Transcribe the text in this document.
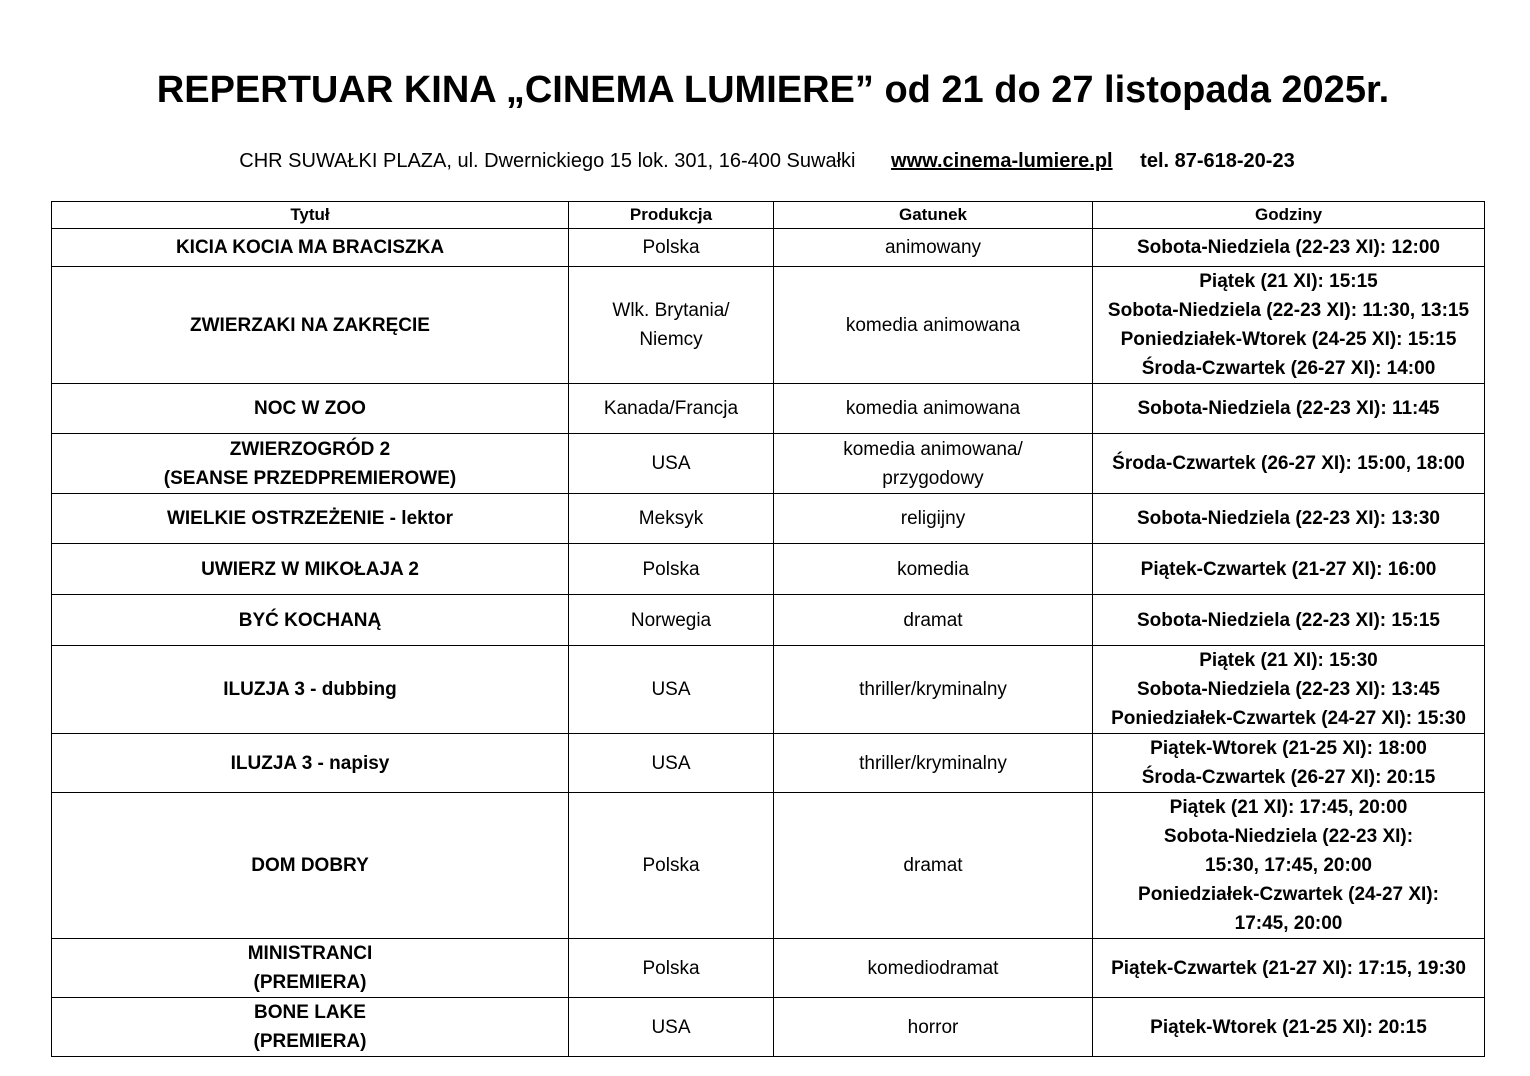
REPERTUAR KINA „CINEMA LUMIERE” od 21 do 27 listopada 2025r.
CHR SUWAŁKI PLAZA, ul. Dwernickiego 15 lok. 301, 16-400 Suwałki www.cinema-lumiere.pl tel. 87-618-20-23
Tytuł	Produkcja	Gatunek	Godziny

KICIA KOCIA MA BRACISZKA	Polska	animowany	Sobota-Niedziela (22-23 XI): 12:00

ZWIERZAKI NA ZAKRĘCIE	Wlk. Brytania/
Niemcy	komedia animowana	Piątek (21 XI): 15:15
Sobota-Niedziela (22-23 XI): 11:30, 13:15
Poniedziałek-Wtorek (24-25 XI): 15:15
Środa-Czwartek (26-27 XI): 14:00

NOC W ZOO	Kanada/Francja	komedia animowana	Sobota-Niedziela (22-23 XI): 11:45

ZWIERZOGRÓD 2
(SEANSE PRZEDPREMIEROWE)	USA	komedia animowana/
przygodowy	Środa-Czwartek (26-27 XI): 15:00, 18:00

WIELKIE OSTRZEŻENIE - lektor	Meksyk	religijny	Sobota-Niedziela (22-23 XI): 13:30

UWIERZ W MIKOŁAJA 2	Polska	komedia	Piątek-Czwartek (21-27 XI): 16:00

BYĆ KOCHANĄ	Norwegia	dramat	Sobota-Niedziela (22-23 XI): 15:15

ILUZJA 3 - dubbing	USA	thriller/kryminalny	Piątek (21 XI): 15:30
Sobota-Niedziela (22-23 XI): 13:45
Poniedziałek-Czwartek (24-27 XI): 15:30

ILUZJA 3 - napisy	USA	thriller/kryminalny	Piątek-Wtorek (21-25 XI): 18:00
Środa-Czwartek (26-27 XI): 20:15

DOM DOBRY	Polska	dramat	Piątek (21 XI): 17:45, 20:00
Sobota-Niedziela (22-23 XI):
15:30, 17:45, 20:00
Poniedziałek-Czwartek (24-27 XI):
17:45, 20:00

MINISTRANCI
(PREMIERA)	Polska	komediodramat	Piątek-Czwartek (21-27 XI): 17:15, 19:30

BONE LAKE
(PREMIERA)	USA	horror	Piątek-Wtorek (21-25 XI): 20:15
